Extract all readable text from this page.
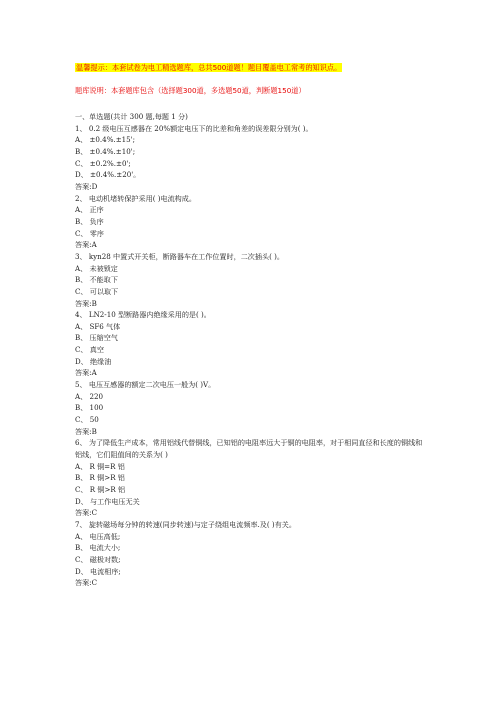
温馨提示：本套试卷为电工精选题库，总共500道题！题目覆盖电工常考的知识点。
题库说明：本套题库包含（选择题300道，多选题50道，判断题150道）
一、单选题(共计 300 题,每题 1 分)
1、 0.2 级电压互感器在 20%额定电压下的比差和角差的误差限分别为( )。
A、 ±0.4%.±15';
B、 ±0.4%.±10';
C、 ±0.2%.±0';
D、 ±0.4%.±20'。
答案:D
2、 电动机堵转保护采用( )电流构成。
A、 正序
B、 负序
C、 零序
答案:A
3、 kyn28 中置式开关柜，断路器车在工作位置时，二次插头( )。
A、 未被锁定
B、 不能取下
C、 可以取下
答案:B
4、 LN2-10 型断路器内绝缘采用的是( )。
A、 SF6 气体
B、 压缩空气
C、 真空
D、 绝缘油
答案:A
5、 电压互感器的额定二次电压一般为( )V。
A、 220
B、 100
C、 50
答案:B
6、 为了降低生产成本，常用铝线代替铜线，已知铝的电阻率远大于铜的电阻率，对于相同直径和长度的铜线和铝线，它们阻值间的关系为( )
A、 R 铜=R 铝
B、 R 铜>R 铝
C、 R 铜>R 铝
D、 与工作电压无关
答案:C
7、 旋转磁场每分钟的转速(同步转速)与定子绕组电流频率.及( )有关。
A、 电压高低;
B、 电流大小;
C、 磁极对数;
D、 电流相序;
答案:C
